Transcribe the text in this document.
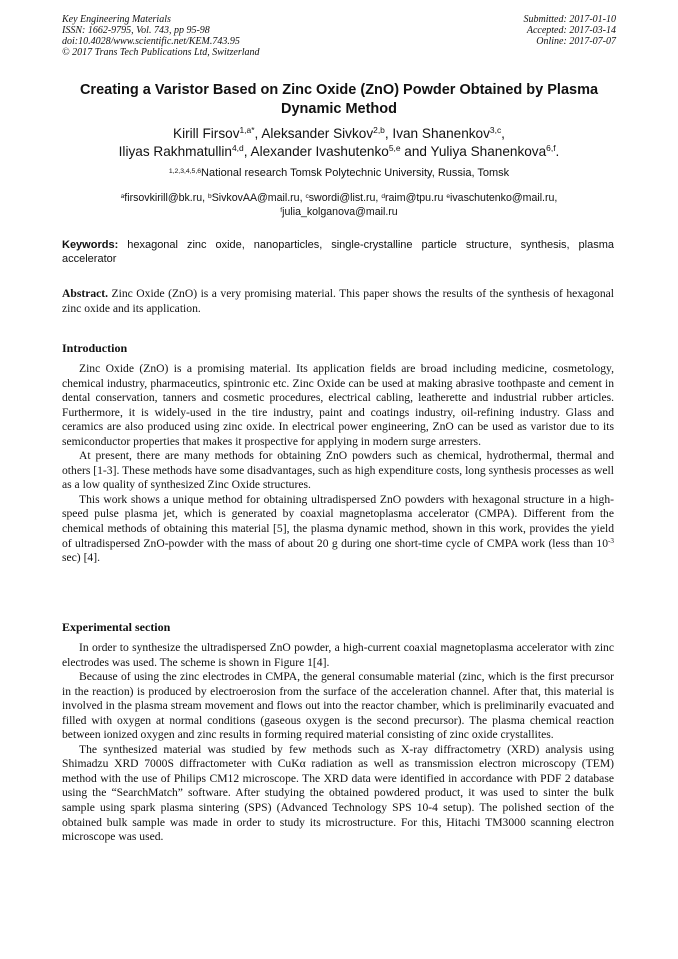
Key Engineering Materials
ISSN: 1662-9795, Vol. 743, pp 95-98
doi:10.4028/www.scientific.net/KEM.743.95
© 2017 Trans Tech Publications Ltd, Switzerland
Submitted: 2017-01-10
Accepted: 2017-03-14
Online: 2017-07-07
Creating a Varistor Based on Zinc Oxide (ZnO) Powder Obtained by Plasma Dynamic Method
Kirill Firsov$^{1,a*}$, Aleksander Sivkov$^{2,b}$, Ivan Shanenkov$^{3,c}$,
Iliyas Rakhmatullin$^{4,d}$, Alexander Ivashutenko$^{5,e}$ and Yuliya Shanenkova$^{6,f}$.
$^{1,2,3,4,5,6}$National research Tomsk Polytechnic University, Russia, Tomsk
$^a$firsovkirill@bk.ru, $^b$SivkovAA@mail.ru, $^c$swordi@list.ru, $^d$raim@tpu.ru $^e$ivaschutenko@mail.ru,
$^f$julia_kolganova@mail.ru
Keywords: hexagonal zinc oxide, nanoparticles, single-crystalline particle structure, synthesis, plasma accelerator
Abstract. Zinc Oxide (ZnO) is a very promising material. This paper shows the results of the synthesis of hexagonal zinc oxide and its application.
Introduction

Zinc Oxide (ZnO) is a promising material. Its application fields are broad including medicine, cosmetology, chemical industry, pharmaceutics, spintronic etc. Zinc Oxide can be used at making abrasive toothpaste and cement in dental conservation, tanners and cosmetic procedures, electrical cabling, leatherette and industrial rubber articles. Furthermore, it is widely-used in the tire industry, paint and coatings industry, oil-refining industry. Glass and ceramics are also produced using zinc oxide. In electrical power engineering, ZnO can be used as varistor due to its semiconductor properties that makes it prospective for applying in modern surge arresters.

At present, there are many methods for obtaining ZnO powders such as chemical, hydrothermal, thermal and others [1-3]. These methods have some disadvantages, such as high expenditure costs, long synthesis processes as well as a low quality of synthesized Zinc Oxide structures.

This work shows a unique method for obtaining ultradispersed ZnO powders with hexagonal structure in a high-speed pulse plasma jet, which is generated by coaxial magnetoplasma accelerator (CMPA). Different from the chemical methods of obtaining this material [5], the plasma dynamic method, shown in this work, provides the yield of ultradispersed ZnO-powder with the mass of about 20 g during one short-time cycle of CMPA work (less than $10^{-3}$ sec) [4].

Experimental section

In order to synthesize the ultradispersed ZnO powder, a high-current coaxial magnetoplasma accelerator with zinc electrodes was used. The scheme is shown in Figure 1[4].

Because of using the zinc electrodes in CMPA, the general consumable material (zinc, which is the first precursor in the reaction) is produced by electroerosion from the surface of the acceleration channel. After that, this material is involved in the plasma stream movement and flows out into the reactor chamber, which is preliminarily evacuated and filled with oxygen at normal conditions (gaseous oxygen is the second precursor). The plasma chemical reaction between ionized oxygen and zinc results in forming required material consisting of zinc oxide crystallites.

The synthesized material was studied by few methods such as X-ray diffractometry (XRD) analysis using Shimadzu XRD 7000S diffractometer with CuKα radiation as well as transmission electron microscopy (TEM) method with the use of Philips CM12 microscope. The XRD data were identified in accordance with PDF 2 database using the “SearchMatch” software. After studying the obtained powdered product, it was used to sinter the bulk sample using spark plasma sintering (SPS) (Advanced Technology SPS 10-4 setup). The polished section of the obtained bulk sample was made in order to study its microstructure. For this, Hitachi TM3000 scanning electron microscope was used.
